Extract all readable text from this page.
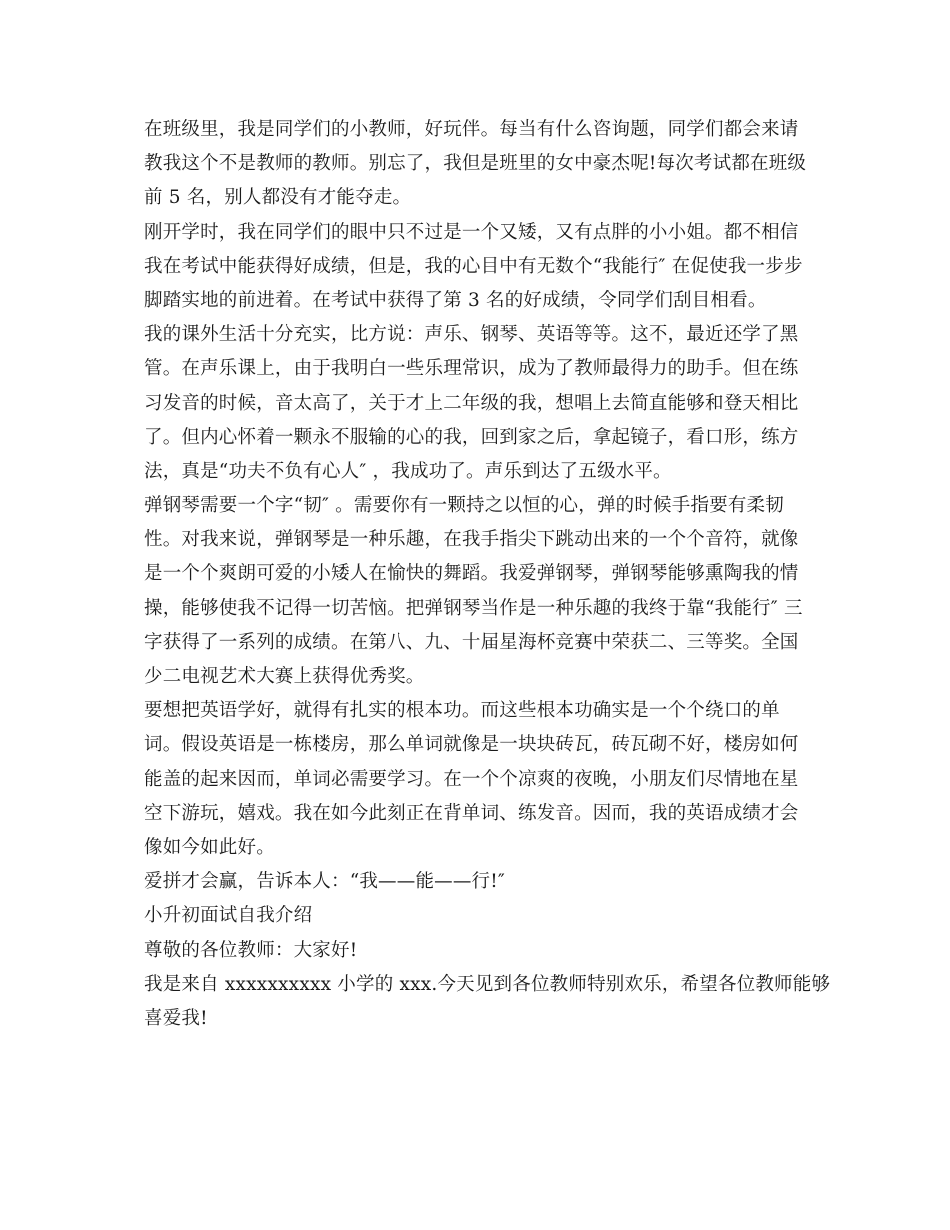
在班级里，我是同学们的小教师，好玩伴。每当有什么咨询题，同学们都会来请
教我这个不是教师的教师。别忘了，我但是班里的女中豪杰呢!每次考试都在班级
前 5 名，别人都没有才能夺走。
刚开学时，我在同学们的眼中只不过是一个又矮，又有点胖的小小姐。都不相信
我在考试中能获得好成绩，但是，我的心目中有无数个“我能行″ 在促使我一步步
脚踏实地的前进着。在考试中获得了第 3 名的好成绩，令同学们刮目相看。
我的课外生活十分充实，比方说：声乐、钢琴、英语等等。这不，最近还学了黑
管。在声乐课上，由于我明白一些乐理常识，成为了教师最得力的助手。但在练
习发音的时候，音太高了，关于才上二年级的我，想唱上去简直能够和登天相比
了。但内心怀着一颗永不服输的心的我，回到家之后，拿起镜子，看口形，练方
法，真是“功夫不负有心人″ ，我成功了。声乐到达了五级水平。
弹钢琴需要一个字“韧″ 。需要你有一颗持之以恒的心，弹的时候手指要有柔韧
性。对我来说，弹钢琴是一种乐趣，在我手指尖下跳动出来的一个个音符，就像
是一个个爽朗可爱的小矮人在愉快的舞蹈。我爱弹钢琴，弹钢琴能够熏陶我的情
操，能够使我不记得一切苦恼。把弹钢琴当作是一种乐趣的我终于靠“我能行″ 三
字获得了一系列的成绩。在第八、九、十届星海杯竞赛中荣获二、三等奖。全国
少二电视艺术大赛上获得优秀奖。
要想把英语学好，就得有扎实的根本功。而这些根本功确实是一个个绕口的单
词。假设英语是一栋楼房，那么单词就像是一块块砖瓦，砖瓦砌不好，楼房如何
能盖的起来因而，单词必需要学习。在一个个凉爽的夜晚，小朋友们尽情地在星
空下游玩，嬉戏。我在如今此刻正在背单词、练发音。因而，我的英语成绩才会
像如今如此好。
爱拼才会赢，告诉本人：“我——能——行!″
小升初面试自我介绍
尊敬的各位教师：大家好!
我是来自 xxxxxxxxxx 小学的 xxx.今天见到各位教师特别欢乐，希望各位教师能够
喜爱我!
